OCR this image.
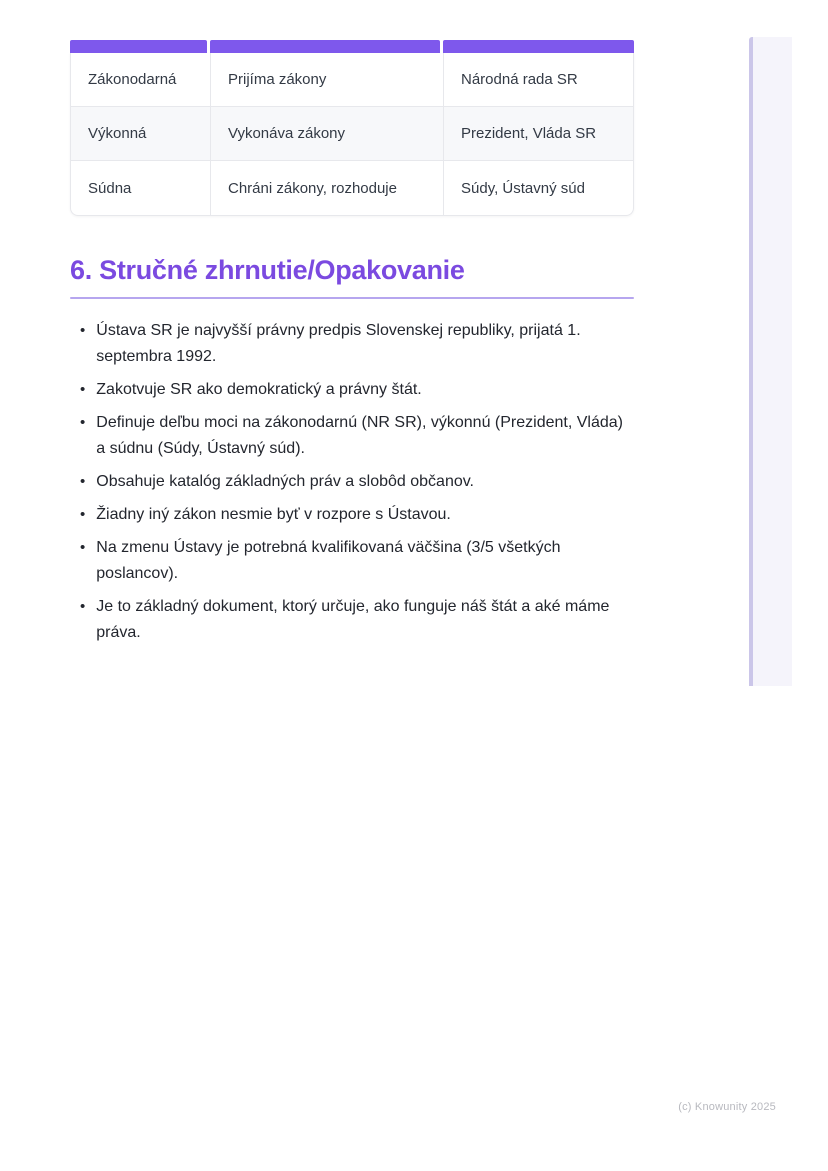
Zákonodarná	Prijíma zákony	Národná rada SR
Výkonná	Vykonáva zákony	Prezident, Vláda SR
Súdna	Chráni zákony, rozhoduje	Súdy, Ústavný súd
6. Stručné zhrnutie/Opakovanie
• Ústava SR je najvyšší právny predpis Slovenskej republiky, prijatá 1. septembra 1992.
• Zakotvuje SR ako demokratický a právny štát.
• Definuje deľbu moci na zákonodarnú (NR SR), výkonnú (Prezident, Vláda) a súdnu (Súdy, Ústavný súd).
• Obsahuje katalóg základných práv a slobôd občanov.
• Žiadny iný zákon nesmie byť v rozpore s Ústavou.
• Na zmenu Ústavy je potrebná kvalifikovaná väčšina (3/5 všetkých poslancov).
• Je to základný dokument, ktorý určuje, ako funguje náš štát a aké máme práva.
(c) Knowunity 2025
